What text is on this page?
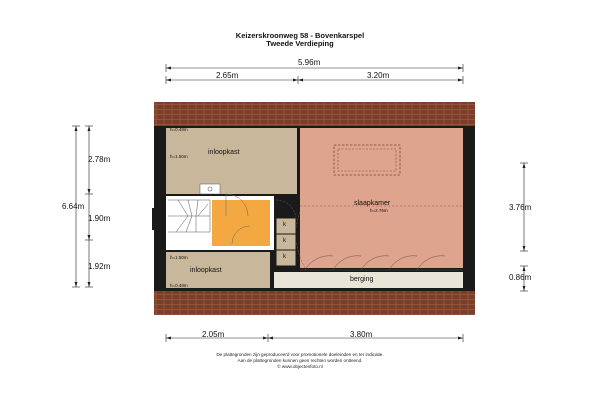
Keizerskroonweg 58 - Bovenkarspel
Tweede Verdieping
h=0.48m
inloopkast
h=1.50m
slaapkamer
h=2.76m
h=1.50m
inloopkast
h=0.48m
berging
k
k
k
5.96m
2.65m	3.20m
6.64m
2.78m
1.90m
1.92m
3.76m
0.86m
2.05m	3.80m
De plattegronden zijn geproduceerd voor promotionele doeleinden en ter indicatie.
Aan de plattegronden kunnen geen rechten worden ontleend.
© www.objectenfoto.nl
